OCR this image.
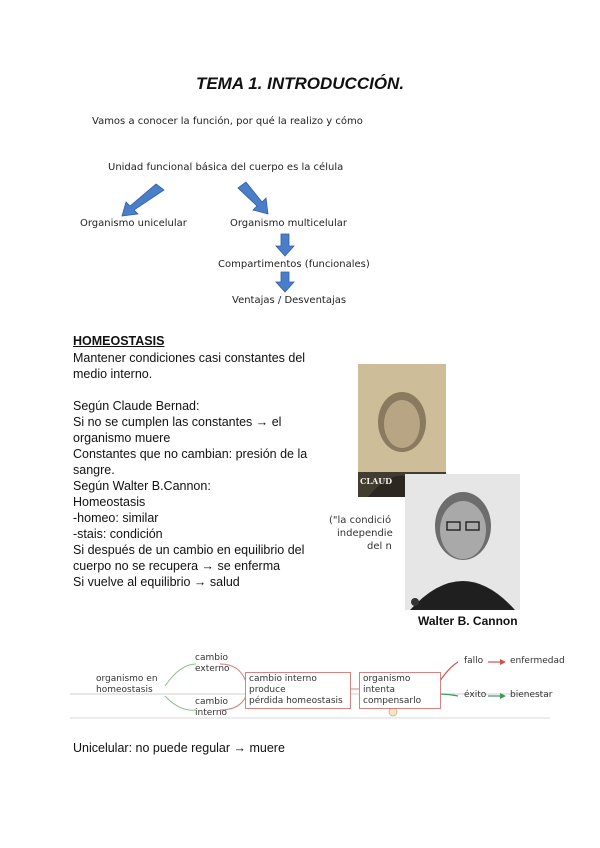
TEMA 1. INTRODUCCIÓN.
Vamos a conocer la función, por qué la realizo y cómo
Unidad funcional básica del cuerpo es la célula
Organismo unicelular	Organismo multicelular
Compartimentos (funcionales)
Ventajas / Desventajas
HOMEOSTASIS
Mantener condiciones casi constantes del
medio interno.
Según Claude Bernad:
Si no se cumplen las constantes → el
organismo muere
Constantes que no cambian: presión de la
sangre.
Según Walter B.Cannon:
Homeostasis
-homeo: similar
-stais: condición
Si después de un cambio en equilibrio del
cuerpo no se recupera → se enferma
Si vuelve al equilibrio → salud
CLAUD
("la condició
independie
del n
Walter B. Cannon
organismo en
homeostasis
cambio
externo
cambio
interno
cambio interno produce
pérdida homeostasis
organismo intenta
compensarlo
fallo	enfermedad
éxito	bienestar
Unicelular: no puede regular → muere
